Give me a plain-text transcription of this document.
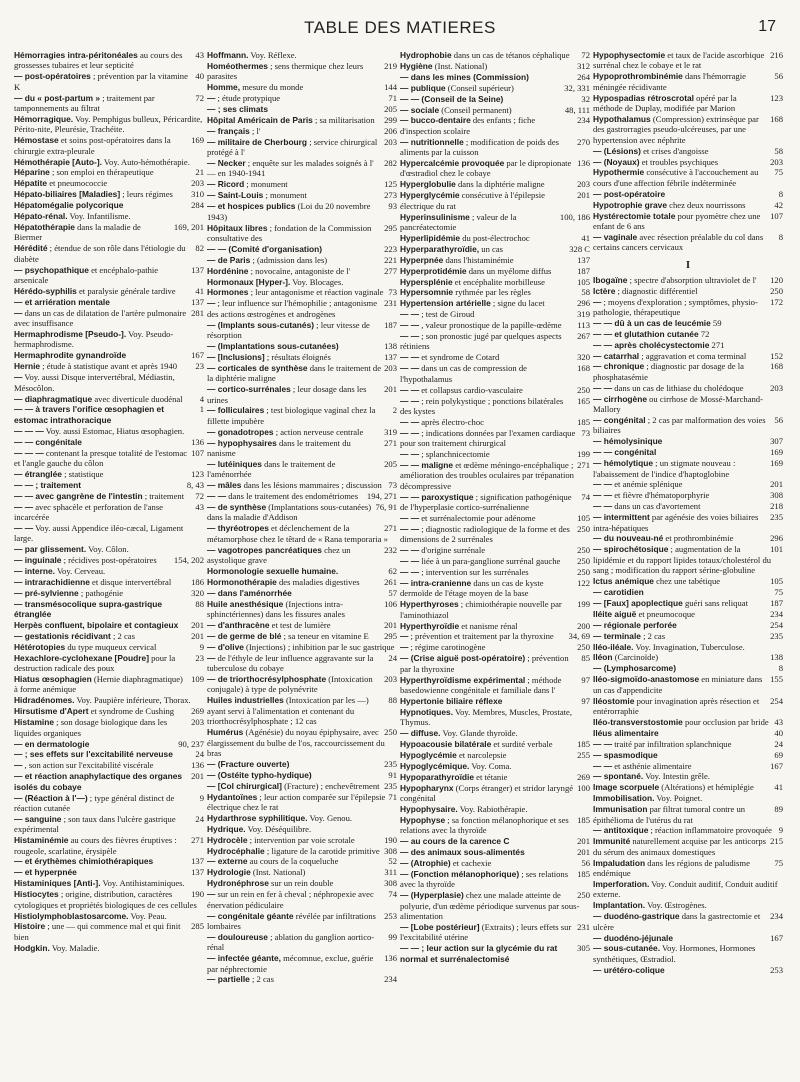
TABLE DES MATIERES	17
43
Hémorragies intra-péritonéales au cours des grossesses tubaires et leur septicité
40
— post-opératoires ; prévention par la vitamine K
72
— du « post-partum » ; traitement par tamponnements au filtrat
Hémorragique. Voy. Pemphigus bulleux, Péricardite, Périto-nite, Pleurésie, Trachéite.
169
Hémostase et soins post-opératoires dans la chirurgie extra-pleurale
Hémothérapie [Auto-]. Voy. Auto-hémothérapie.
21
Héparine ; son emploi en thérapeutique
203
Hépatite et pneumococcie
310
Hépato-biliaires [Maladies] ; leurs régimes
284
Hépatomégalie polycorique
Hépato-rénal. Voy. Infantilisme.
169, 201
Hépatothérapie dans la maladie de Biermer
82
Hérédité ; étendue de son rôle dans l'étiologie du diabète
137
— psychopathique et encéphalo-pathie arsenicale
41
Hérédo-syphilis et paralysie générale tardive
137
— et arriération mentale
281
— dans un cas de dilatation de l'artère pulmonaire avec insuffisance
Hermaphrodisme [Pseudo-]. Voy. Pseudo-hermaphrodisme.
167
Hermaphrodite gynandroïde
23
Hernie ; étude à statistique avant et après 1940
— Voy. aussi Disque intervertébral, Médiastin, Mésocôlon.
4
— diaphragmatique avec diverticule duodénal
1
— — à travers l'orifice œsophagien et estomac intrathoracique
— — — Voy. aussi Estomac, Hiatus œsophagien.
136
— — congénitale
107
— — — contenant la presque totalité de l'estomac et l'angle gauche du côlon
123
— étranglée ; statistique
8, 43
— — ; traitement
72
— — avec gangrène de l'intestin ; traitement
43
— — avec sphacèle et perforation de l'anse incarcérée
— — Voy. aussi Appendice iléo-cæcal, Ligament large.
— par glissement. Voy. Côlon.
154, 202
— inguinale ; récidives post-opératoires
— interne. Voy. Cerveau.
186
— intrarachidienne et disque intervertébral
320
— pré-sylvienne ; pathogénie
88
— transmésocolique supra-gastrique étranglée
201
Herpès confluent, bipolaire et contagieux
201
— gestationis récidivant ; 2 cas
9
Hétérotopies du type muqueux cervical
23
Hexachlore-cyclohexane [Poudre] pour la destruction radicale des poux
109
Hiatus œsophagien (Hernie diaphragmatique) à forme anémique
Hidradénomes. Voy. Paupière inférieure, Thorax.
269
Hirsutisme d'Apert et syndrome de Cushing
203
Histamine ; son dosage biologique dans les liquides organiques
90, 237
— en dermatologie
24
— ; ses effets sur l'excitabilité nerveuse
136
— , son action sur l'excitabilité viscérale
201
— et réaction anaphylactique des organes isolés du cobaye
9
— (Réaction à l'—) ; type général distinct de réaction cutanée
24
— sanguine ; son taux dans l'ulcère gastrique expérimental
271
Histaminémie au cours des fièvres éruptives : rougeole, scarlatine, érysipèle
137
— et érythèmes chimiothérapiques
137
— et hyperpnée
Histaminiques [Anti-]. Voy. Antihistaminiques.
190
Histiocytes ; origine, distribution, caractères cytologiques et propriétés biologiques de ces cellules
Histiolymphoblastosarcome. Voy. Peau.
285
Histoire ; une — qui commence mal et qui finit bien
Hodgkin. Voy. Maladie.
Hoffmann. Voy. Réflexe.
219
Homéothermes ; sens thermique chez leurs parasites
144
Homme, mesure du monde
71
— ; étude protypique
205
— ; ses climats
299
Hôpital Américain de Paris ; sa militarisation
206
— français ; l'
203
— militaire de Cherbourg ; service chirurgical protégé à l'
282
— Necker ; enquête sur les malades soignés à l' — en 1940-1941
125
— Ricord ; monument
273
— Saint-Louis ; monument
93
— et hospices publics (Loi du 20 novembre 1943)
295
Hôpitaux libres ; fondation de la Commission consultative des
223
— — (Comité d'organisation)
221
— de Paris ; (admission dans les)
277
Hordénine ; novocaïne, antagoniste de l'
Hormonaux [Hyper-]. Voy. Blocages.
73
Hormones ; leur antagonisme et réaction vaginale
231
— ; leur influence sur l'hémophilie ; antagonisme des actions œstrogènes et androgènes
187
— (Implants sous-cutanés) ; leur vitesse de résorption
138
— (Implantations sous-cutanées)
137
— [Inclusions] ; résultats éloignés
203
— corticales de synthèse dans le traitement de la diphtérie maligne
201
— cortico-surrénales ; leur dosage dans les urines
2
— folliculaires ; test biologique vaginal chez la fillette impubère
319
— gonadotropes ; action nerveuse centrale
271
— hypophysaires dans le traitement du nanisme
205
— lutéiniques dans le traitement de l'aménorrhée
73
— mâles dans les lésions mammaires ; discussion
194, 271
— — dans le traitement des endométriomes
76, 91
— de synthèse (Implantations sous-cutanées) dans la maladie d'Addison
271
— thyréotropes et déclenchement de la métamorphose chez le têtard de « Rana temporaria »
232
— vagotropes pancréatiques chez un asystolique grave
62
Hormonologie sexuelle humaine.
261
Hormonothérapie des maladies digestives
57
— dans l'aménorrhée
106
Huile anesthésique (Injections intra-sphinctériennes) dans les fissures anales
201
— d'anthracène et test de lumière
295
— de germe de blé ; sa teneur en vitamine E
— d'olive (Injections) ; inhibition par le suc gastrique
24
— de l'éthyle de leur influence aggravante sur la tuberculose du cobaye
203
— de triorthocrésylphosphate (Intoxication conjugale) à type de polynévrite
88
Huiles industrielles (Intoxication par les —) ayant servi à l'alimentation et contenant du triorthocrésylphosphate ; 12 cas
250
Humérus (Agénésie) du noyau épiphysaire, avec élargissement du bulbe de l'os, raccourcissement du bras
235
— (Fracture ouverte)
91
— (Ostéite typho-hydique)
235
— [Col chirurgical] (Fracture) ; enchevêtrement
71
Hydantoïnes ; leur action comparée sur l'épilepsie électrique chez le rat
Hydarthrose syphilitique. Voy. Genou.
Hydrique. Voy. Déséquilibre.
190
Hydrocèle ; intervention par voie scrotale
308
Hydrocéphalie ; ligature de la carotide primitive
52
— externe au cours de la coqueluche
311
Hydrologie (Inst. National)
308
Hydronéphrose sur un rein double
74
— sur un rein en fer à cheval ; néphropexie avec énervation pédiculaire
253
— congénitale géante révélée par infiltrations lombaires
99
— douloureuse ; ablation du ganglion aortico-rénal
136
— infectée géante, mécomnue, exclue, guérie par néphrectomie
234
— partielle ; 2 cas
72
Hydrophobie dans un cas de tétanos céphalique
312
Hygiène (Inst. National)
264
— dans les mines (Commission)
32, 331
— publique (Conseil supérieur)
32
— — (Conseil de la Seine)
48, 111
— sociale (Conseil permanent)
234
— bucco-dentaire des enfants ; fiche d'inspection scolaire
270
— nutritionnelle ; modification de poids des aliments par la cuisson
136
Hypercalcémie provoquée par le dipropionate d'œstradiol chez le cobaye
203
Hyperglobulie dans la diphtérie maligne
201
Hyperglycémie consécutive à l'épilepsie électrique du rat
100, 186
Hyperinsulinisme ; valeur de la pancréatectomie
41
Hyperlipidémie du post-électrochoc
328 C
Hyperparathyroïdie, un cas
137
Hyperpnée dans l'histaminémie
187
Hyperprotidémie dans un myélome diffus
105
Hypersplénie et encéphalite morbilleuse
58
Hypersomnie rythmée par les règles
296
Hypertension artérielle ; signe du lacet
319
— — ; test de Giroud
113
— — , valeur pronostique de la papille-œdème
267
— — ; son pronostic jugé par quelques aspects rétiniens
320
— — et syndrome de Cotard
168
— — dans un cas de compression de l'hypothalamus
250
— — et collapsus cardio-vasculaire
165
— — ; rein polykystique ; ponctions bilatérales des kystes
185
— — après électro-choc
73
— — ; indications données par l'examen cardiaque pour son traitement chirurgical
199
— — ; splanchnicectomie
271
— — maligne et œdème méningo-encéphalique ; amélioration des troubles oculaires par trépanation décompressive
74
— — paroxystique ; signification pathogénique de l'hyperplasie cortico-surrénalienne
105
— — et surrénalectomie pour adénome
250
— — ; diagnostic radiologique de la forme et des dimensions de 2 surrénales
250
— — d'origine surrénale
250
— — liée à un para-ganglione surrénal gauche
250
— — ; intervention sur les surrénales
122
— intra-cranienne dans un cas de kyste dermoïde de l'étage moyen de la base
199
Hyperthyroses ; chimiothérapie nouvelle par l'aminothiazol
200
Hyperthyroïdie et nanisme rénal
34, 69
— ; prévention et traitement par la thyroxine
250
— ; régime carotinogène
85
— (Crise aiguë post-opératoire) ; prévention par la thyroxine
97
Hyperthyroïdisme expérimental ; méthode basedowienne congénitale et familiale dans l'
97
Hypertonie biliaire réflexe
Hypnotiques. Voy. Membres, Muscles, Prostate, Thymus.
— diffuse. Voy. Glande thyroïde.
185
Hypoacousie bilatérale et surdité verbale
255
Hypoglycémie et narcolepsie
Hypoglycémique. Voy. Coma.
269
Hypoparathyroïdie et tétanie
100
Hypopharynx (Corps étranger) et stridor laryngé congénital
Hypophysaire. Voy. Rabiothérapie.
185
Hypophyse ; sa fonction mélanophorique et ses relations avec la thyroïde
201
— au cours de la carence C
201
— des animaux sous-alimentés
56
— (Atrophie) et cachexie
185
— (Fonction mélanophorique) ; ses relations avec la thyroïde
250
— (Hyperplasie) chez une malade atteinte de polyurie, d'un œdème périodique survenus par sous-alimentation
231
— [Lobe postérieur] (Extraits) ; leurs effets sur l'excitabilité utérine
305
— — ; leur action sur la glycémie du rat normal et surrénalectomisé
216
Hypophysectomie et taux de l'acide ascorbique surrénal chez le cobaye et le rat
56
Hypoprothrombinémie dans l'hémorragie méningée récidivante
123
Hypospadias rétroscrotal opéré par la méthode de Duplay, modifiée par Marion
168
Hypothalamus (Compression) extrinsèque par des gastrorragies pseudo-ulcéreuses, par une hypertension avec néphrite
58
— (Lésions) et crises d'angoisse
203
— (Noyaux) et troubles psychiques
75
Hypothermie consécutive à l'accouchement au cours d'une affection fébrile indéterminée
8
— post-opératoire
42
Hypotrophie grave chez deux nourrissons
107
Hystérectomie totale pour pyomètre chez une enfant de 6 ans
8
— vaginale avec résection préalable du col dans certains cancers cervicaux
I
120
Ibogaïne ; spectre d'absorption ultraviolet de l'
250
Ictère ; diagnostic différentiel
172
— ; moyens d'exploration ; symptômes, physio-pathologie, thérapeutique
— — dû à un cas de leucémie 59
— — et glutathion cutanée 72
— — après cholécystectomie 271
152
— catarrhal ; aggravation et coma terminal
168
— chronique ; diagnostic par dosage de la phosphatasémie
203
— — dans un cas de lithiase du cholédoque
— cirrhogène ou cirrhose de Mossé-Marchand-Mallory
56
— congénital ; 2 cas par malformation des voies biliaires
307
— hémolysinique
169
— — congénital
169
— hémolytique ; un stigmate nouveau : l'abaissement de l'indice d'haptoglobine
201
— — et anémie splénique
308
— — et fièvre d'hématoporphyrie
218
— — dans un cas d'avortement
235
— intermittent par agénésie des voies biliaires intra-hépatiques
296
— du nouveau-né et prothrombinémie
101
— spirochétosique ; augmentation de la lipidémie et du rapport lipides totaux/cholestérol du sang ; modification du rapport sérine-globuline
105
Ictus anémique chez une tabétique
75
— carotidien
187
— [Faux] apoplectique guéri sans reliquat
234
Iléite aiguë et pneumocoque
254
— régionale perforée
235
— terminale ; 2 cas
Iléo-iléale. Voy. Invagination, Tuberculose.
138
Iléon (Carcinoïde)
8
— (Lymphosarcome)
155
Iléo-sigmoïdo-anastomose en miniature dans un cas d'appendicite
254
Iléostomie pour invagination après résection et entérorraphie
43
Iléo-transverstostomie pour occlusion par bride
40
Iléus alimentaire
24
— — traité par infiltration splanchnique
69
— spasmodique
167
— — et asthénie alimentaire
— spontané. Voy. Intestin grêle.
41
Image scorpuele (Altérations) et hémiplégie
Immobilisation. Voy. Poignet.
89
Immunisation par filtrat tumoral contre un épithélioma de l'utérus du rat
9
— antitoxique ; réaction inflammatoire provoquée
215
Immunité naturellement acquise par les anticorps du sérum des animaux domestiques
75
Impaludation dans les régions de paludisme endémique
Imperforation. Voy. Conduit auditif, Conduit auditif externe.
Implantation. Voy. Œstrogènes.
234
— duodéno-gastrique dans la gastrectomie et ulcère
167
— duodéno-jéjunale
— sous-cutanée. Voy. Hormones, Hormones synthétiques, Œstradiol.
253
— urétéro-colique
